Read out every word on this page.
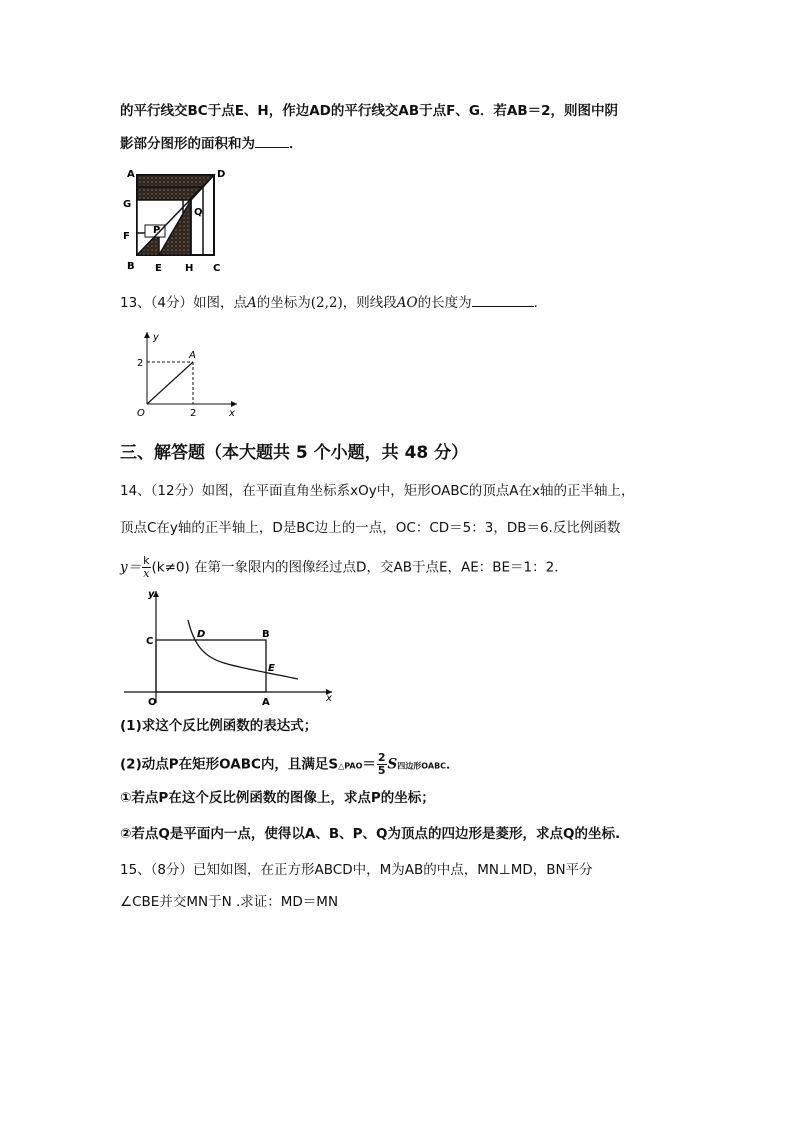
的平行线交BC于点E、H，作边AD的平行线交AB于点F、G．若AB＝2，则图中阴
影部分图形的面积和为	．
A	D
G
Q
F
P
B E H C
13、（4分）如图，点A的坐标为(2,2)，则线段AO的长度为	．
y
x
A
O
2
2
三、解答题（本大题共 5 个小题，共 48 分）
14、（12分）如图，在平面直角坐标系xOy中，矩形OABC的顶点A在x轴的正半轴上，
顶点C在y轴的正半轴上，D是BC边上的一点，OC：CD＝5：3，DB＝6.反比例函数
$y= \frac{k}{x} (k\ne 0)$ 在第一象限内的图像经过点D，交AB于点E，AE：BE＝1：2．
y
C
D	B
E
O	A	x
(1)求这个反比例函数的表达式；
(2)动点P在矩形OABC内，且满足S△PAO＝ $\frac{2}{5}$ S四边形OABC．
①若点P在这个反比例函数的图像上，求点P的坐标；
②若点Q是平面内一点，使得以A、B、P、Q为顶点的四边形是菱形，求点Q的坐标.
15、（8分）已知如图，在正方形ABCD中，M为AB的中点，MN⊥MD，BN平分
∠CBE并交MN于N .求证：MD＝MN
